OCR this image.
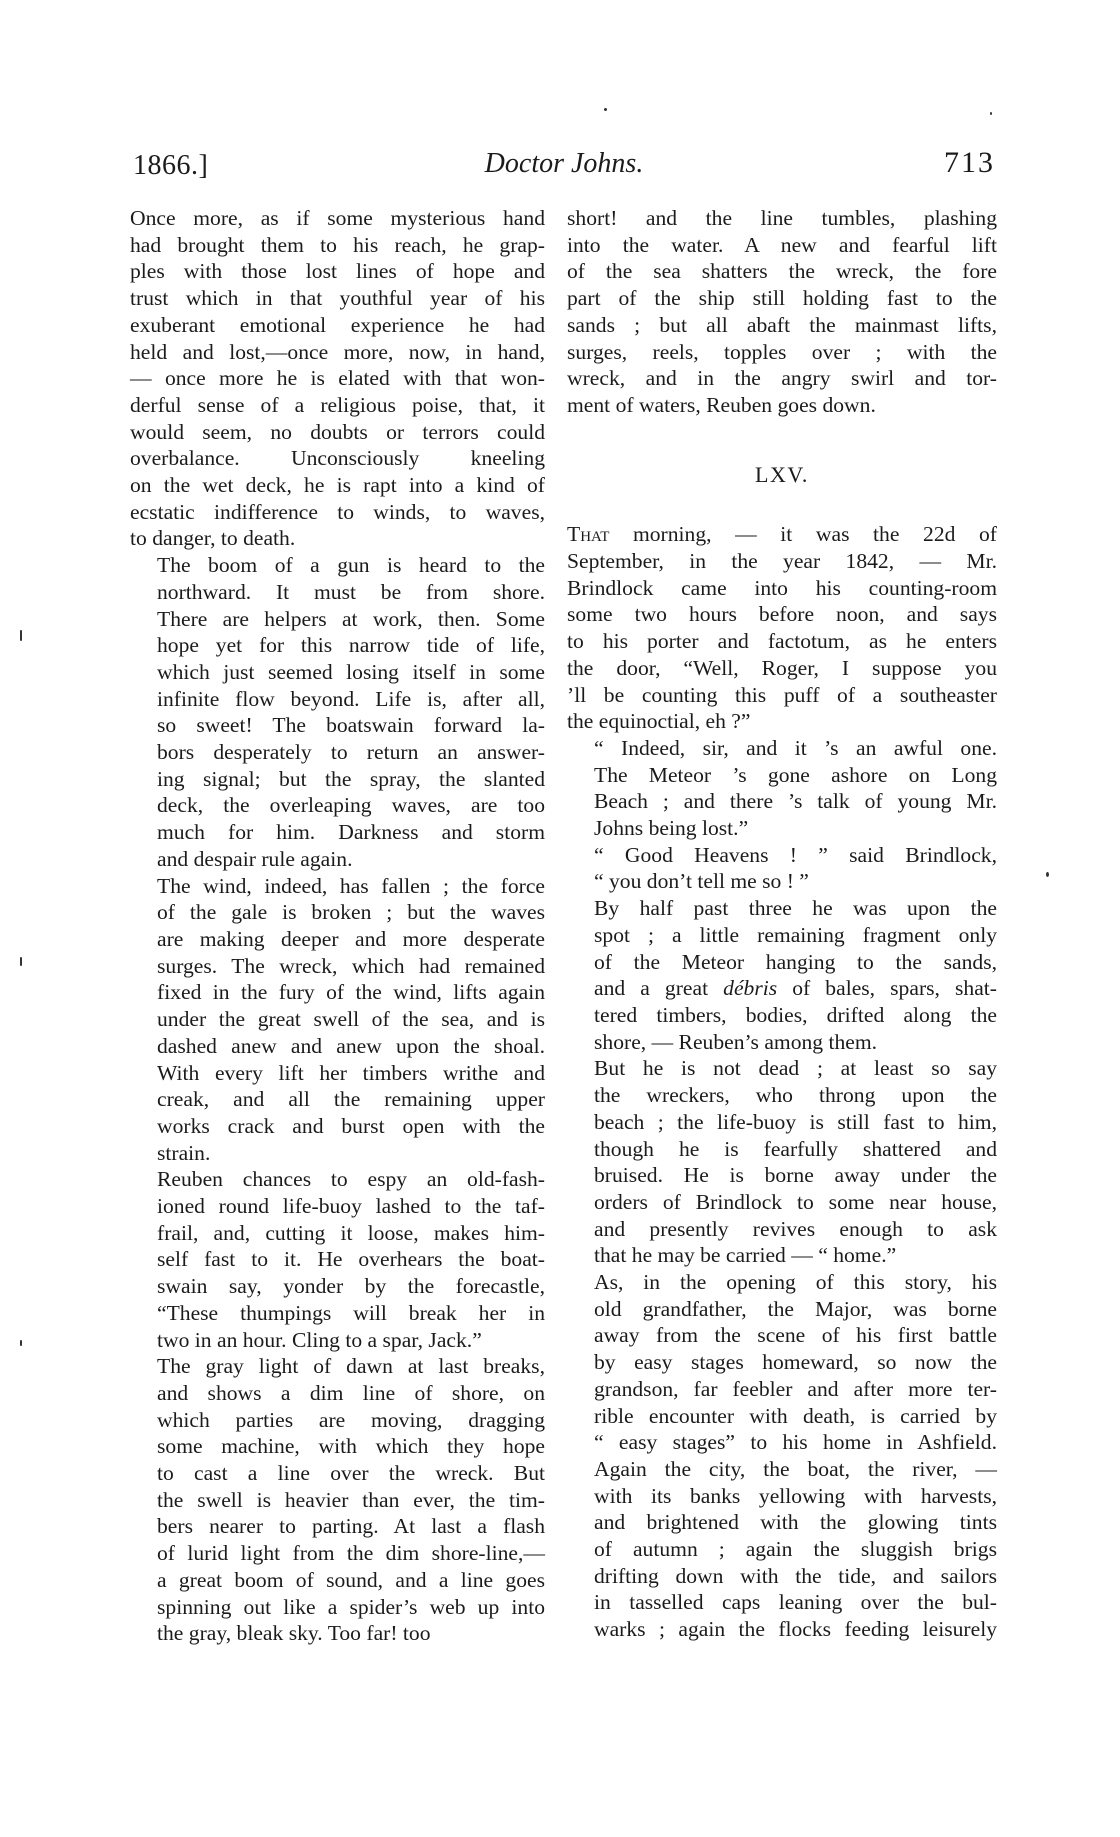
1866.]	Doctor Johns.	713

Once more, as if some mysterious hand
had brought them to his reach, he grap-
ples with those lost lines of hope and
trust which in that youthful year of his
exuberant emotional experience he had
held and lost,—once more, now, in hand,
— once more he is elated with that won-
derful sense of a religious poise, that, it
would seem, no doubts or terrors could
overbalance. Unconsciously kneeling
on the wet deck, he is rapt into a kind of
ecstatic indifference to winds, to waves,
to danger, to death.

The boom of a gun is heard to the
northward. It must be from shore.
There are helpers at work, then. Some
hope yet for this narrow tide of life,
which just seemed losing itself in some
infinite flow beyond. Life is, after all,
so sweet! The boatswain forward la-
bors desperately to return an answer-
ing signal; but the spray, the slanted
deck, the overleaping waves, are too
much for him. Darkness and storm
and despair rule again.

The wind, indeed, has fallen ; the force
of the gale is broken ; but the waves
are making deeper and more desperate
surges. The wreck, which had remained
fixed in the fury of the wind, lifts again
under the great swell of the sea, and is
dashed anew and anew upon the shoal.
With every lift her timbers writhe and
creak, and all the remaining upper
works crack and burst open with the
strain.

Reuben chances to espy an old-fash-
ioned round life-buoy lashed to the taf-
frail, and, cutting it loose, makes him-
self fast to it. He overhears the boat-
swain say, yonder by the forecastle,
“These thumpings will break her in
two in an hour. Cling to a spar, Jack.”

The gray light of dawn at last breaks,
and shows a dim line of shore, on
which parties are moving, dragging
some machine, with which they hope
to cast a line over the wreck. But
the swell is heavier than ever, the tim-
bers nearer to parting. At last a flash
of lurid light from the dim shore-line,—
a great boom of sound, and a line goes
spinning out like a spider’s web up into
the gray, bleak sky. Too far! too

short! and the line tumbles, plashing
into the water. A new and fearful lift
of the sea shatters the wreck, the fore
part of the ship still holding fast to the
sands ; but all abaft the mainmast lifts,
surges, reels, topples over ; with the
wreck, and in the angry swirl and tor-
ment of waters, Reuben goes down.

LXV.

That morning, — it was the 22d of
September, in the year 1842, — Mr.
Brindlock came into his counting-room
some two hours before noon, and says
to his porter and factotum, as he enters
the door, “Well, Roger, I suppose you
’ll be counting this puff of a southeaster
the equinoctial, eh ?”

“ Indeed, sir, and it ’s an awful one.
The Meteor ’s gone ashore on Long
Beach ; and there ’s talk of young Mr.
Johns being lost.”

“ Good Heavens ! ” said Brindlock,
“ you don’t tell me so ! ”

By half past three he was upon the
spot ; a little remaining fragment only
of the Meteor hanging to the sands,
and a great débris of bales, spars, shat-
tered timbers, bodies, drifted along the
shore, — Reuben’s among them.

But he is not dead ; at least so say
the wreckers, who throng upon the
beach ; the life-buoy is still fast to him,
though he is fearfully shattered and
bruised. He is borne away under the
orders of Brindlock to some near house,
and presently revives enough to ask
that he may be carried — “ home.”

As, in the opening of this story, his
old grandfather, the Major, was borne
away from the scene of his first battle
by easy stages homeward, so now the
grandson, far feebler and after more ter-
rible encounter with death, is carried by
“ easy stages” to his home in Ashfield.
Again the city, the boat, the river, —
with its banks yellowing with harvests,
and brightened with the glowing tints
of autumn ; again the sluggish brigs
drifting down with the tide, and sailors
in tasselled caps leaning over the bul-
warks ; again the flocks feeding leisurely
